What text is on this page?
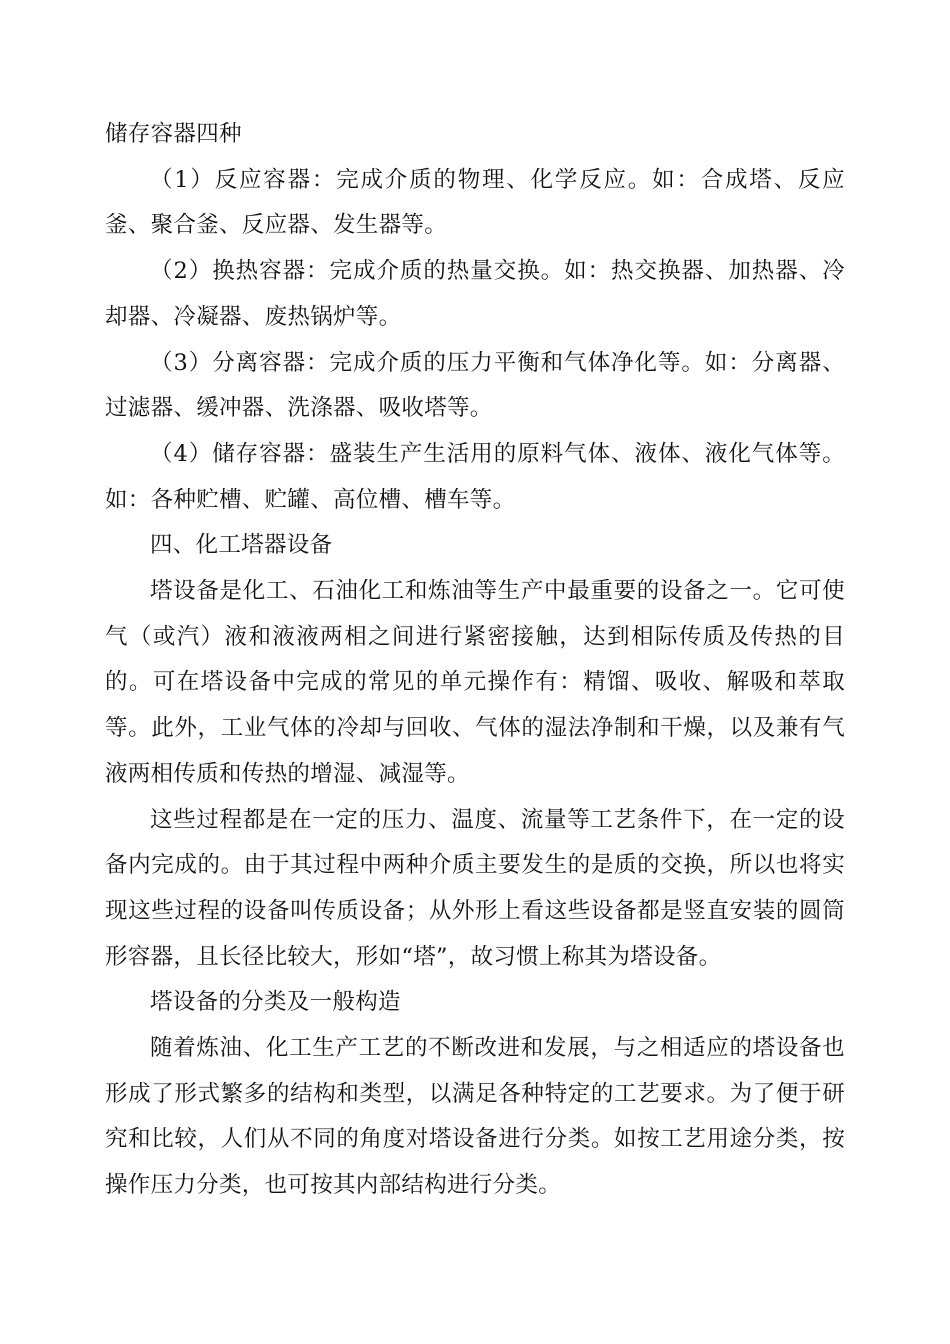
储存容器四种

（1）反应容器：完成介质的物理、化学反应。如：合成塔、反应釜、聚合釜、反应器、发生器等。

（2）换热容器：完成介质的热量交换。如：热交换器、加热器、冷却器、冷凝器、废热锅炉等。

（3）分离容器：完成介质的压力平衡和气体净化等。如：分离器、过滤器、缓冲器、洗涤器、吸收塔等。

（4）储存容器：盛装生产生活用的原料气体、液体、液化气体等。如：各种贮槽、贮罐、高位槽、槽车等。

四、化工塔器设备

塔设备是化工、石油化工和炼油等生产中最重要的设备之一。它可使气（或汽）液和液液两相之间进行紧密接触，达到相际传质及传热的目的。可在塔设备中完成的常见的单元操作有：精馏、吸收、解吸和萃取等。此外，工业气体的冷却与回收、气体的湿法净制和干燥，以及兼有气液两相传质和传热的增湿、减湿等。

这些过程都是在一定的压力、温度、流量等工艺条件下，在一定的设备内完成的。由于其过程中两种介质主要发生的是质的交换，所以也将实现这些过程的设备叫传质设备；从外形上看这些设备都是竖直安装的圆筒形容器，且长径比较大，形如“塔”，故习惯上称其为塔设备。

塔设备的分类及一般构造

随着炼油、化工生产工艺的不断改进和发展，与之相适应的塔设备也形成了形式繁多的结构和类型，以满足各种特定的工艺要求。为了便于研究和比较，人们从不同的角度对塔设备进行分类。如按工艺用途分类，按操作压力分类，也可按其内部结构进行分类。
